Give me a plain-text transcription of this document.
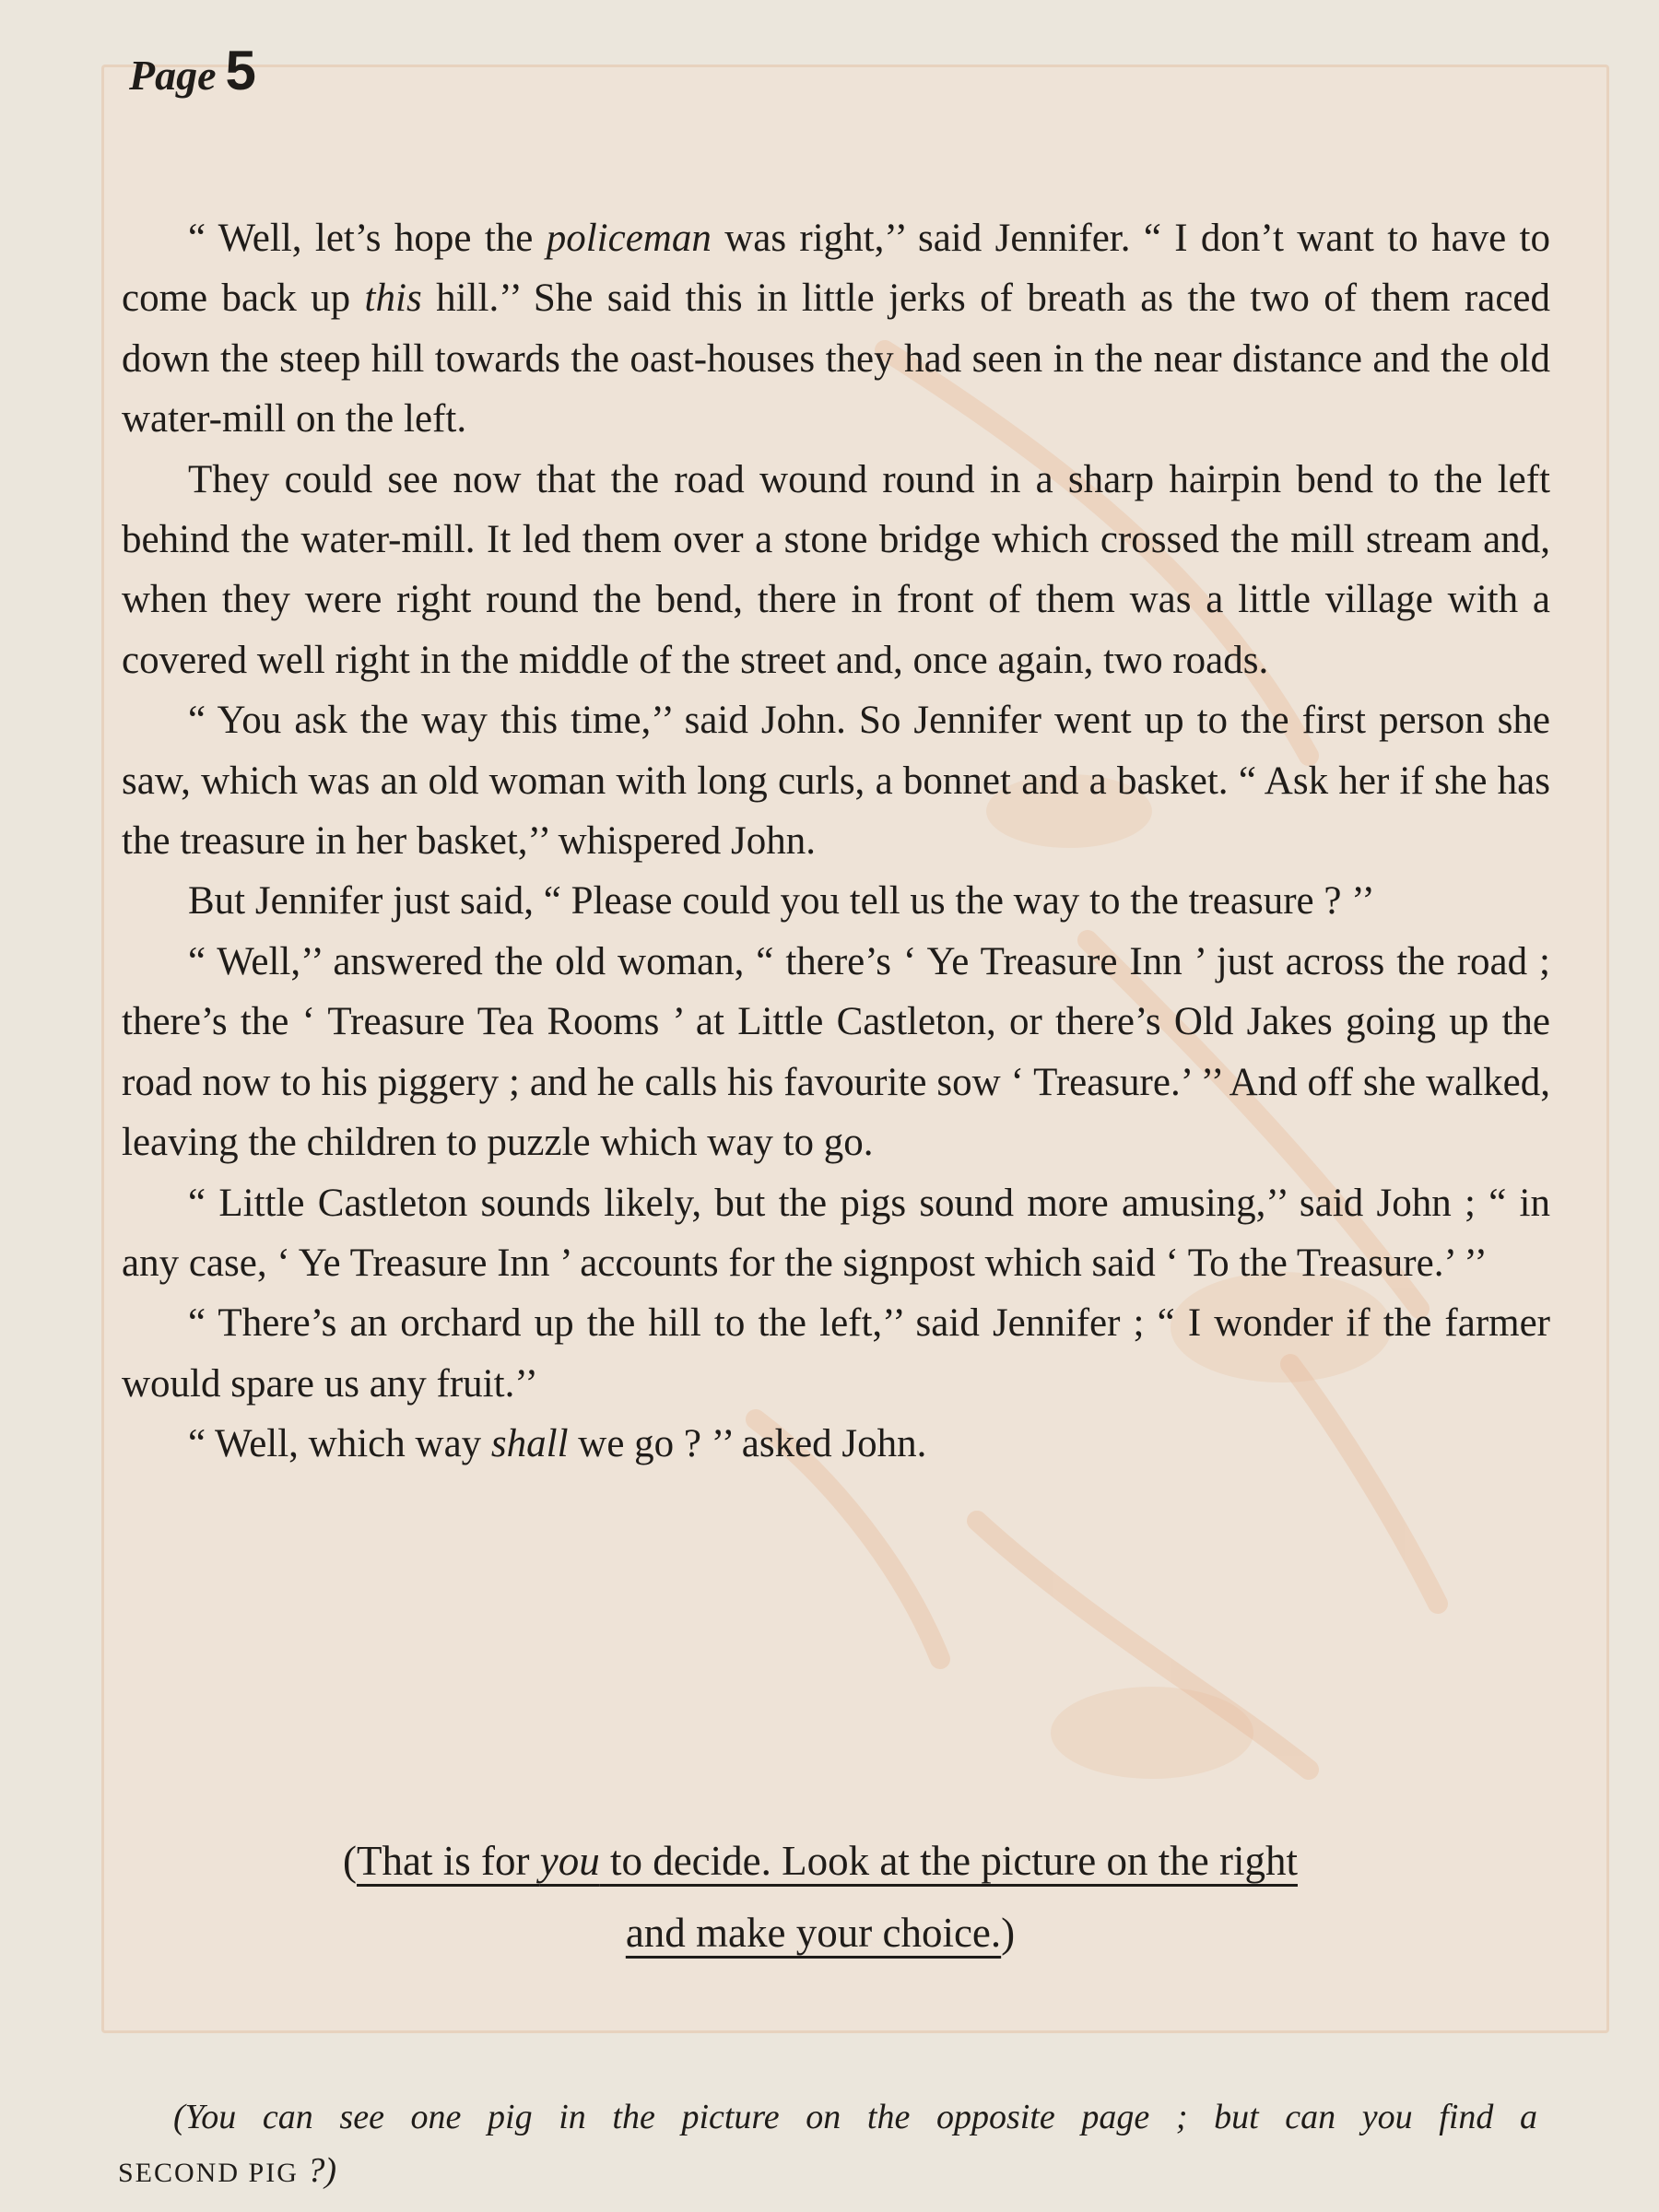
Page 5

“ Well, let’s hope the policeman was right,’’ said Jennifer. “ I don’t want to have to come back up this hill.’’ She said this in little jerks of breath as the two of them raced down the steep hill towards the oast-houses they had seen in the near distance and the old water-mill on the left.

They could see now that the road wound round in a sharp hairpin bend to the left behind the water-mill. It led them over a stone bridge which crossed the mill stream and, when they were right round the bend, there in front of them was a little village with a covered well right in the middle of the street and, once again, two roads.

“ You ask the way this time,’’ said John. So Jennifer went up to the first person she saw, which was an old woman with long curls, a bonnet and a basket. “ Ask her if she has the treasure in her basket,’’ whispered John.

But Jennifer just said, “ Please could you tell us the way to the treasure ? ’’

“ Well,’’ answered the old woman, “ there’s ‘ Ye Treasure Inn ’ just across the road ; there’s the ‘ Treasure Tea Rooms ’ at Little Castleton, or there’s Old Jakes going up the road now to his piggery ; and he calls his favourite sow ‘ Treasure.’ ’’ And off she walked, leaving the children to puzzle which way to go.

“ Little Castleton sounds likely, but the pigs sound more amusing,’’ said John ; “ in any case, ‘ Ye Treasure Inn ’ accounts for the signpost which said ‘ To the Treasure.’ ’’

“ There’s an orchard up the hill to the left,’’ said Jennifer ; “ I wonder if the farmer would spare us any fruit.’’

“ Well, which way shall we go ? ’’ asked John.

(That is for you to decide. Look at the picture on the right
and make your choice.)
(You can see one pig in the picture on the opposite page ; but can you find a
SECOND PIG ?)
